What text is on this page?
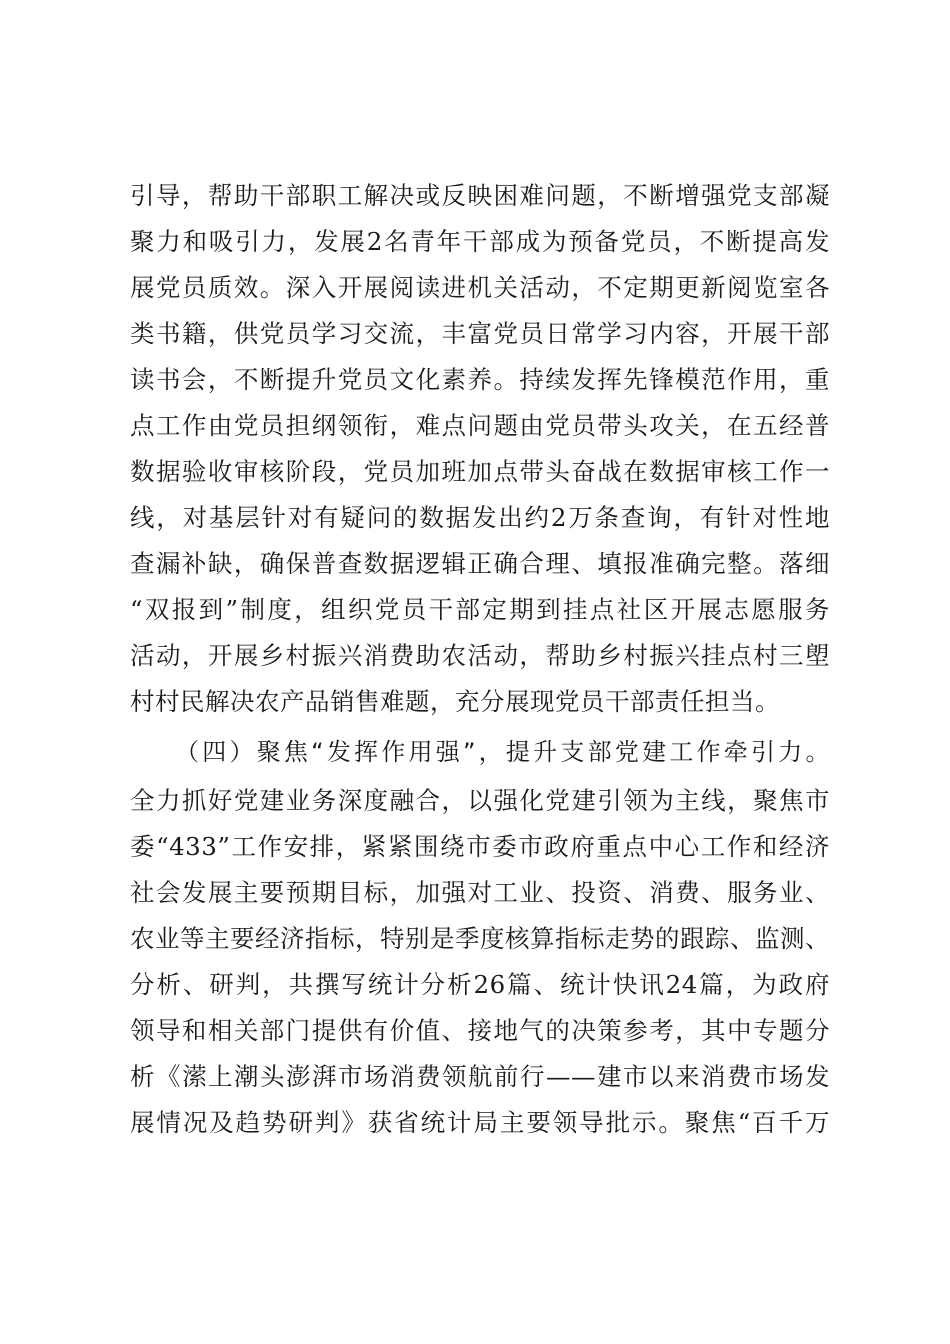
引导，帮助干部职工解决或反映困难问题，不断增强党支部凝
聚力和吸引力，发展2名青年干部成为预备党员，不断提高发
展党员质效。深入开展阅读进机关活动，不定期更新阅览室各
类书籍，供党员学习交流，丰富党员日常学习内容，开展干部
读书会，不断提升党员文化素养。持续发挥先锋模范作用，重
点工作由党员担纲领衔，难点问题由党员带头攻关，在五经普
数据验收审核阶段，党员加班加点带头奋战在数据审核工作一
线，对基层针对有疑问的数据发出约2万条查询，有针对性地
查漏补缺，确保普查数据逻辑正确合理、填报准确完整。落细
“双报到”制度，组织党员干部定期到挂点社区开展志愿服务
活动，开展乡村振兴消费助农活动，帮助乡村振兴挂点村三塱
村村民解决农产品销售难题，充分展现党员干部责任担当。
（四）聚焦“发挥作用强”，提升支部党建工作牵引力。
全力抓好党建业务深度融合，以强化党建引领为主线，聚焦市
委“433”工作安排，紧紧围绕市委市政府重点中心工作和经济
社会发展主要预期目标，加强对工业、投资、消费、服务业、
农业等主要经济指标，特别是季度核算指标走势的跟踪、监测、
分析、研判，共撰写统计分析26篇、统计快讯24篇，为政府
领导和相关部门提供有价值、接地气的决策参考，其中专题分
析《潆上潮头澎湃市场消费领航前行——建市以来消费市场发
展情况及趋势研判》获省统计局主要领导批示。聚焦“百千万
